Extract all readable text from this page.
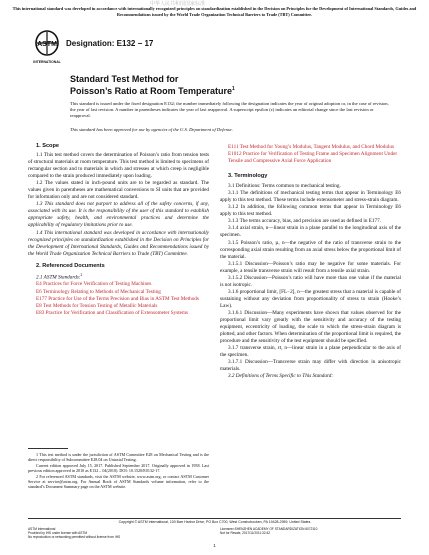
中华人民共和国国家标准
This international standard was developed in accordance with internationally recognized principles on standardization established in the Decision on Principles for the Development of International Standards, Guides and Recommendations issued by the World Trade Organization Technical Barriers to Trade (TBT) Committee.
ASTM
INTERNATIONAL
Designation: E132 − 17
Standard Test Method for
Poisson’s Ratio at Room Temperature$^1$
This standard is issued under the fixed designation E132; the number immediately following the designation indicates the year of original adoption or, in the case of revision, the year of last revision. A number in parentheses indicates the year of last reapproval. A superscript epsilon (ε) indicates an editorial change since the last revision or reapproval.
This standard has been approved for use by agencies of the U.S. Department of Defense.
1. Scope
1.1 This test method covers the determination of Poisson’s ratio from tension tests of structural materials at room temperature. This test method is limited to specimens of rectangular section and to materials in which and stresses at which creep is negligible compared to the strain produced immediately upon loading.
1.2 The values stated in inch-pound units are to be regarded as standard. The values given in parentheses are mathematical conversions to SI units that are provided for information only and are not considered standard.
1.3 This standard does not purport to address all of the safety concerns, if any, associated with its use. It is the responsibility of the user of this standard to establish appropriate safety, health, and environmental practices and determine the applicability of regulatory limitations prior to use.
1.4 This international standard was developed in accordance with internationally recognized principles on standardization established in the Decision on Principles for the Development of International Standards, Guides and Recommendations issued by the World Trade Organization Technical Barriers to Trade (TBT) Committee.
2. Referenced Documents
2.1 ASTM Standards:$^2$
E4 Practices for Force Verification of Testing Machines
E6 Terminology Relating to Methods of Mechanical Testing
E177 Practice for Use of the Terms Precision and Bias in ASTM Test Methods
E8 Test Methods for Tension Testing of Metallic Materials
E83 Practice for Verification and Classification of Extensometer Systems
1 This test method is under the jurisdiction of ASTM Committee E28 on Mechanical Testing and is the direct responsibility of Subcommittee E28.04 on Uniaxial Testing.
Current edition approved July 15, 2017. Published September 2017. Originally approved in 1958. Last previous edition approved in 2010 as E132 – 04(2010). DOI: 10.1520/E0132-17.
2 For referenced ASTM standards, visit the ASTM website, www.astm.org, or contact ASTM Customer Service at service@astm.org. For Annual Book of ASTM Standards volume information, refer to the standard’s Document Summary page on the ASTM website.
E111 Test Method for Young’s Modulus, Tangent Modulus, and Chord Modulus
E1012 Practice for Verification of Testing Frame and Specimen Alignment Under Tensile and Compressive Axial Force Application
3. Terminology
3.1 Definitions: Terms common to mechanical testing.
3.1.1 The definitions of mechanical testing terms that appear in Terminology E6 apply to this test method. These terms include extensometer and stress-strain diagram.
3.1.2 In addition, the following common terms that appear in Terminology E6 apply to this test method.
3.1.3 The terms accuracy, bias, and precision are used as defined in E177.
3.1.4 axial strain, n—linear strain in a plane parallel to the longitudinal axis of the specimen.
3.1.5 Poisson’s ratio, µ, n—the negative of the ratio of transverse strain to the corresponding axial strain resulting from an axial stress below the proportional limit of the material.
3.1.5.1 Discussion—Poisson’s ratio may be negative for some materials. For example, a tensile transverse strain will result from a tensile axial strain.
3.1.5.2 Discussion—Poisson’s ratio will have more than one value if the material is not isotropic.
3.1.6 proportional limit, [FL−2], n—the greatest stress that a material is capable of sustaining without any deviation from proportionality of stress to strain (Hooke’s Law).
3.1.6.1 Discussion—Many experiments have shown that values observed for the proportional limit vary greatly with the sensitivity and accuracy of the testing equipment, eccentricity of loading, the scale to which the stress-strain diagram is plotted, and other factors. When determination of the proportional limit is required, the procedure and the sensitivity of the test equipment should be specified.
3.1.7 transverse strain, εt, n—linear strain in a plane perpendicular to the axis of the specimen.
3.1.7.1 Discussion—Transverse strain may differ with direction in anisotropic materials.
3.2 Definitions of Terms Specific to This Standard:
Copyright © ASTM International, 100 Barr Harbor Drive, PO Box C700, West Conshohocken, PA 19428-2959. United States
ASTM International
Provided by IHS under license with ASTM
No reproduction or networking permitted without license from IHS
Licensee=SHENZHEN ACADEMY OF STANDARDIZATION 6072110
Not for Resale, 2017/11/2011:32:42
1
